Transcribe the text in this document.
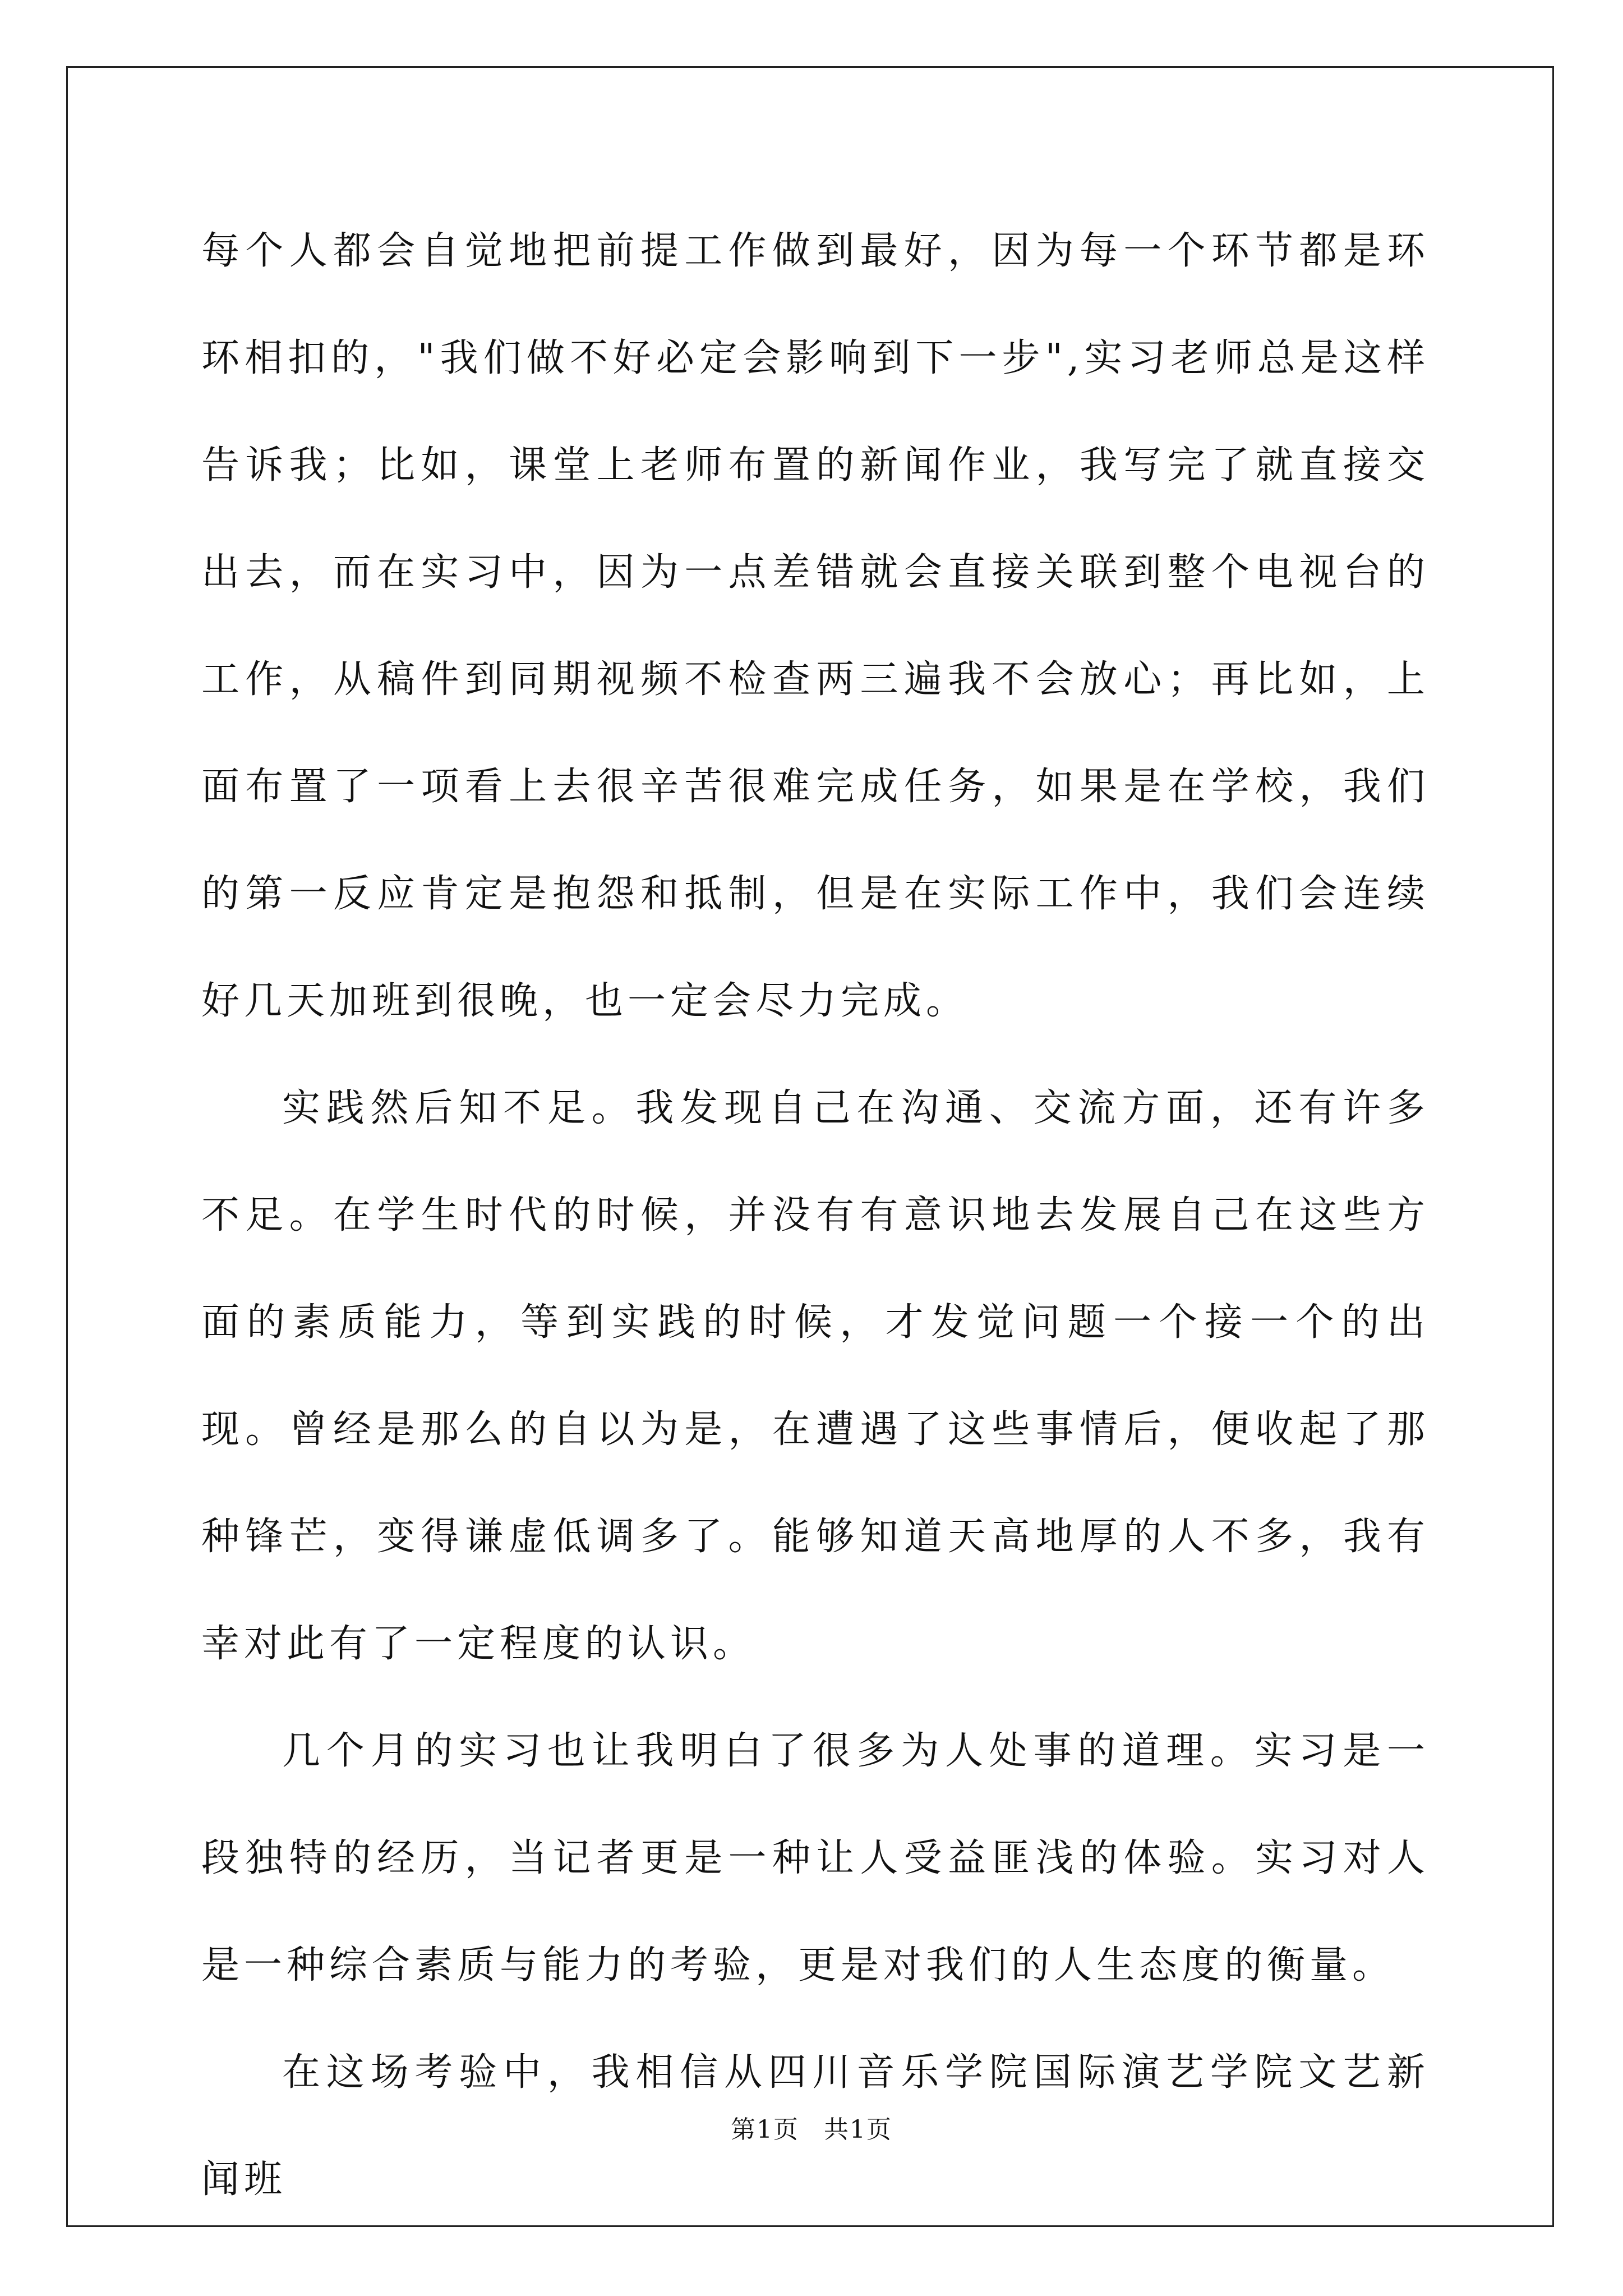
每个人都会自觉地把前提工作做到最好，因为每一个环节都是环环相扣的，"我们做不好必定会影响到下一步",实习老师总是这样告诉我；比如，课堂上老师布置的新闻作业，我写完了就直接交出去，而在实习中，因为一点差错就会直接关联到整个电视台的工作，从稿件到同期视频不检查两三遍我不会放心；再比如，上面布置了一项看上去很辛苦很难完成任务，如果是在学校，我们的第一反应肯定是抱怨和抵制，但是在实际工作中，我们会连续好几天加班到很晚，也一定会尽力完成。

实践然后知不足。我发现自己在沟通、交流方面，还有许多不足。在学生时代的时候，并没有有意识地去发展自己在这些方面的素质能力，等到实践的时候，才发觉问题一个接一个的出现。曾经是那么的自以为是，在遭遇了这些事情后，便收起了那种锋芒，变得谦虚低调多了。能够知道天高地厚的人不多，我有幸对此有了一定程度的认识。

几个月的实习也让我明白了很多为人处事的道理。实习是一段独特的经历，当记者更是一种让人受益匪浅的体验。实习对人是一种综合素质与能力的考验，更是对我们的人生态度的衡量。

在这场考验中，我相信从四川音乐学院国际演艺学院文艺新闻班

第1页 共1页
